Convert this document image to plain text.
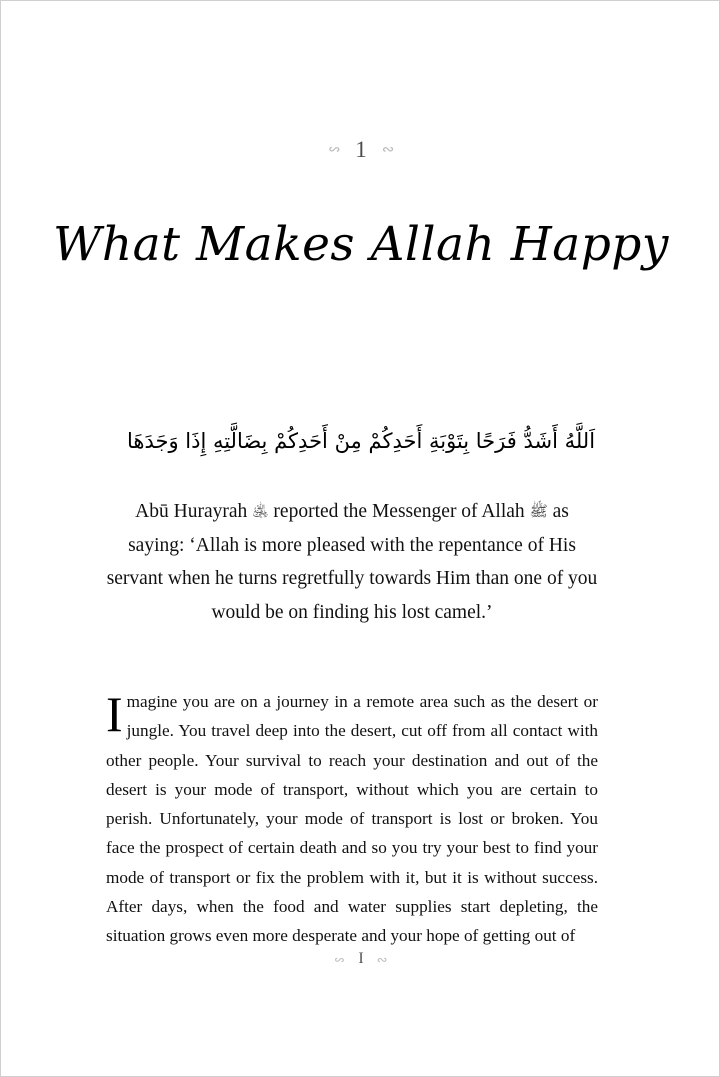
∾ 1 ∾
What Makes Allah Happy
اَللَّهُ أَشَدُّ فَرَحًا بِتَوْبَةِ أَحَدِكُمْ مِنْ أَحَدِكُمْ بِضَالَّتِهِ إِذَا وَجَدَهَا
Abū Hurayrah ﵁ reported the Messenger of Allah ﷺ as saying: ‘Allah is more pleased with the repentance of His servant when he turns regretfully towards Him than one of you would be on finding his lost camel.’
Imagine you are on a journey in a remote area such as the desert or jungle. You travel deep into the desert, cut off from all contact with other people. Your survival to reach your destination and out of the desert is your mode of transport, without which you are certain to perish. Unfortunately, your mode of transport is lost or broken. You face the prospect of certain death and so you try your best to find your mode of transport or fix the problem with it, but it is without success. After days, when the food and water supplies start depleting, the situation grows even more desperate and your hope of getting out of
∾ I ∾
